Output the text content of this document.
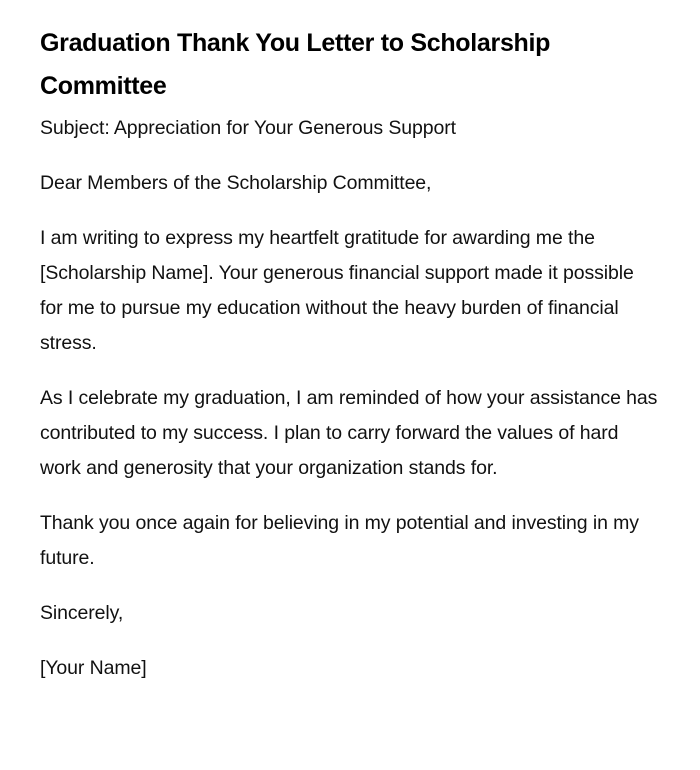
Graduation Thank You Letter to Scholarship Committee

Subject: Appreciation for Your Generous Support

Dear Members of the Scholarship Committee,

I am writing to express my heartfelt gratitude for awarding me the [Scholarship Name]. Your generous financial support made it possible for me to pursue my education without the heavy burden of financial stress.

As I celebrate my graduation, I am reminded of how your assistance has contributed to my success. I plan to carry forward the values of hard work and generosity that your organization stands for.

Thank you once again for believing in my potential and investing in my future.

Sincerely,

[Your Name]
